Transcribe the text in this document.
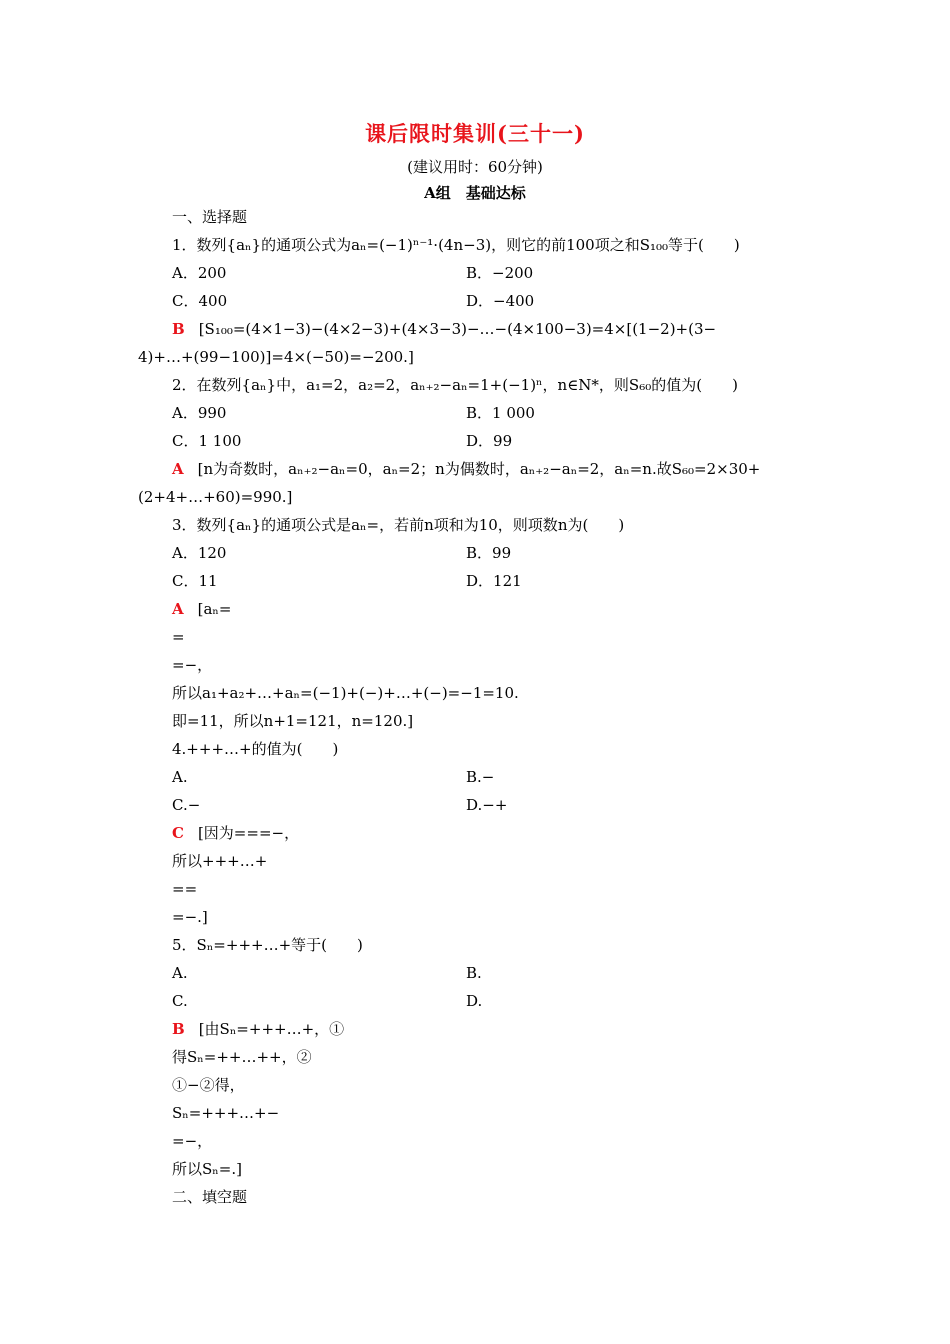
课后限时集训(三十一)
(建议用时：60分钟)
A组　基础达标
一、选择题
1．数列{aₙ}的通项公式为aₙ=(−1)ⁿ⁻¹·(4n−3)，则它的前100项之和S₁₀₀等于(　　)
A．200	B．−200
C．400	D．−400
B [S₁₀₀=(4×1−3)−(4×2−3)+(4×3−3)−…−(4×100−3)=4×[(1−2)+(3−
4)+…+(99−100)]=4×(−50)=−200.]
2．在数列{aₙ}中，a₁=2，a₂=2，aₙ₊₂−aₙ=1+(−1)ⁿ，n∈N*，则S₆₀的值为(　　)
A．990	B．1 000
C．1 100	D．99
A [n为奇数时，aₙ₊₂−aₙ=0，aₙ=2；n为偶数时，aₙ₊₂−aₙ=2，aₙ=n.故S₆₀=2×30+
(2+4+…+60)=990.]
3．数列{aₙ}的通项公式是aₙ=，若前n项和为10，则项数n为(　　)
A．120	B．99
C．11	D．121
A [aₙ=
=
=−，
所以a₁+a₂+…+aₙ=(−1)+(−)+…+(−)=−1=10.
即=11，所以n+1=121，n=120.]
4.+++…+的值为(　　)
A.	B.−
C.−	D.−+
C [因为===−，
所以+++…+
==
=−.]
5．Sₙ=+++…+等于(　　)
A.	B.
C.	D.
B [由Sₙ=+++…+，①
得Sₙ=++…++，②
①−②得，
Sₙ=+++…+−
=−，
所以Sₙ=.]
二、填空题
